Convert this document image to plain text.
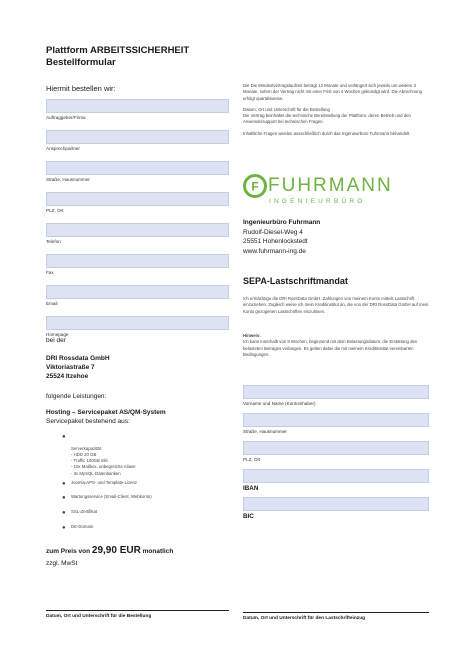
Plattform ARBEITSSICHERHEIT
Bestellformular
Hiermit bestellen wir:
Auftraggeber/Firma
Ansprechpartner
Straße, Hausnummer
PLZ, Ort
Telefon
Fax
Email
Homepage
bei der
DRI Rossdata GmbH
Viktoriastraße 7
25524 Itzehoe
folgende Leistungen:
Hosting – Servicepaket AS/QM-System
Servicepaket bestehend aus:

●

Serverkapazität:
- HDD 20 GB
- Traffic 100GB inkl.
- 10x Mailbox, unbegrenzte Aliase
- 3x MySQL-Datenbanken

● Joomla-APS- und Template-Lizenz
● Wartungsservice (Email-Client, Webkonto)
● SSL-Zertifikat
● DE-Domain
zum Preis von 29,90 EUR monatlich
zzgl. MwSt
Datum, Ort und Unterschrift für die Bestellung
Die Die Mindestvertragslaufzeit beträgt 12 Monate und verlängert sich jeweils um weitere 3 Monate, sofern der Vertrag nicht mit einer Frist von 4 Wochen gekündigt wird. Die Abrechnung erfolgt quartalsweise.
Datum, Ort und Unterschrift für die Bestellung
Die Vertrag beinhaltet die technische Bereitstellung der Plattform, deren Betrieb und den Anwendersupport bei technischen Fragen.
Inhaltliche Fragen werden ausschließlich durch das Ingenieurbüro Fuhrmann behandelt.
F FUHRMANN
INGENIEURBÜRO
Ingenieurbüro Fuhrmann
Rudolf-Diesel-Weg 4
25551 Hohenlockstedt
www.fuhrmann-ing.de
SEPA-Lastschriftmandat
Ich ermächtige die DRI RossData GmbH, Zahlungen von meinem Konto mittels Lastschrift einzuziehen. Zugleich weise ich mein Kreditinstitut an, die von der DRI RossData GmbH auf mein Konto gezogenen Lastschriften einzulösen.
Hinweis:
Ich kann innerhalb von 8 Wochen, beginnend mit dem Belastungsdatum, die Erstattung des belasteten Betrages verlangen. Es gelten dabei die mit meinem Kreditinstitut vereinbarten Bedingungen.
Vorname und Name (Kontoinhaber)
Straße, Hausnummer
PLZ, Ort
IBAN
BIC
Datum, Ort und Unterschrift für den Lastschrifteinzug
